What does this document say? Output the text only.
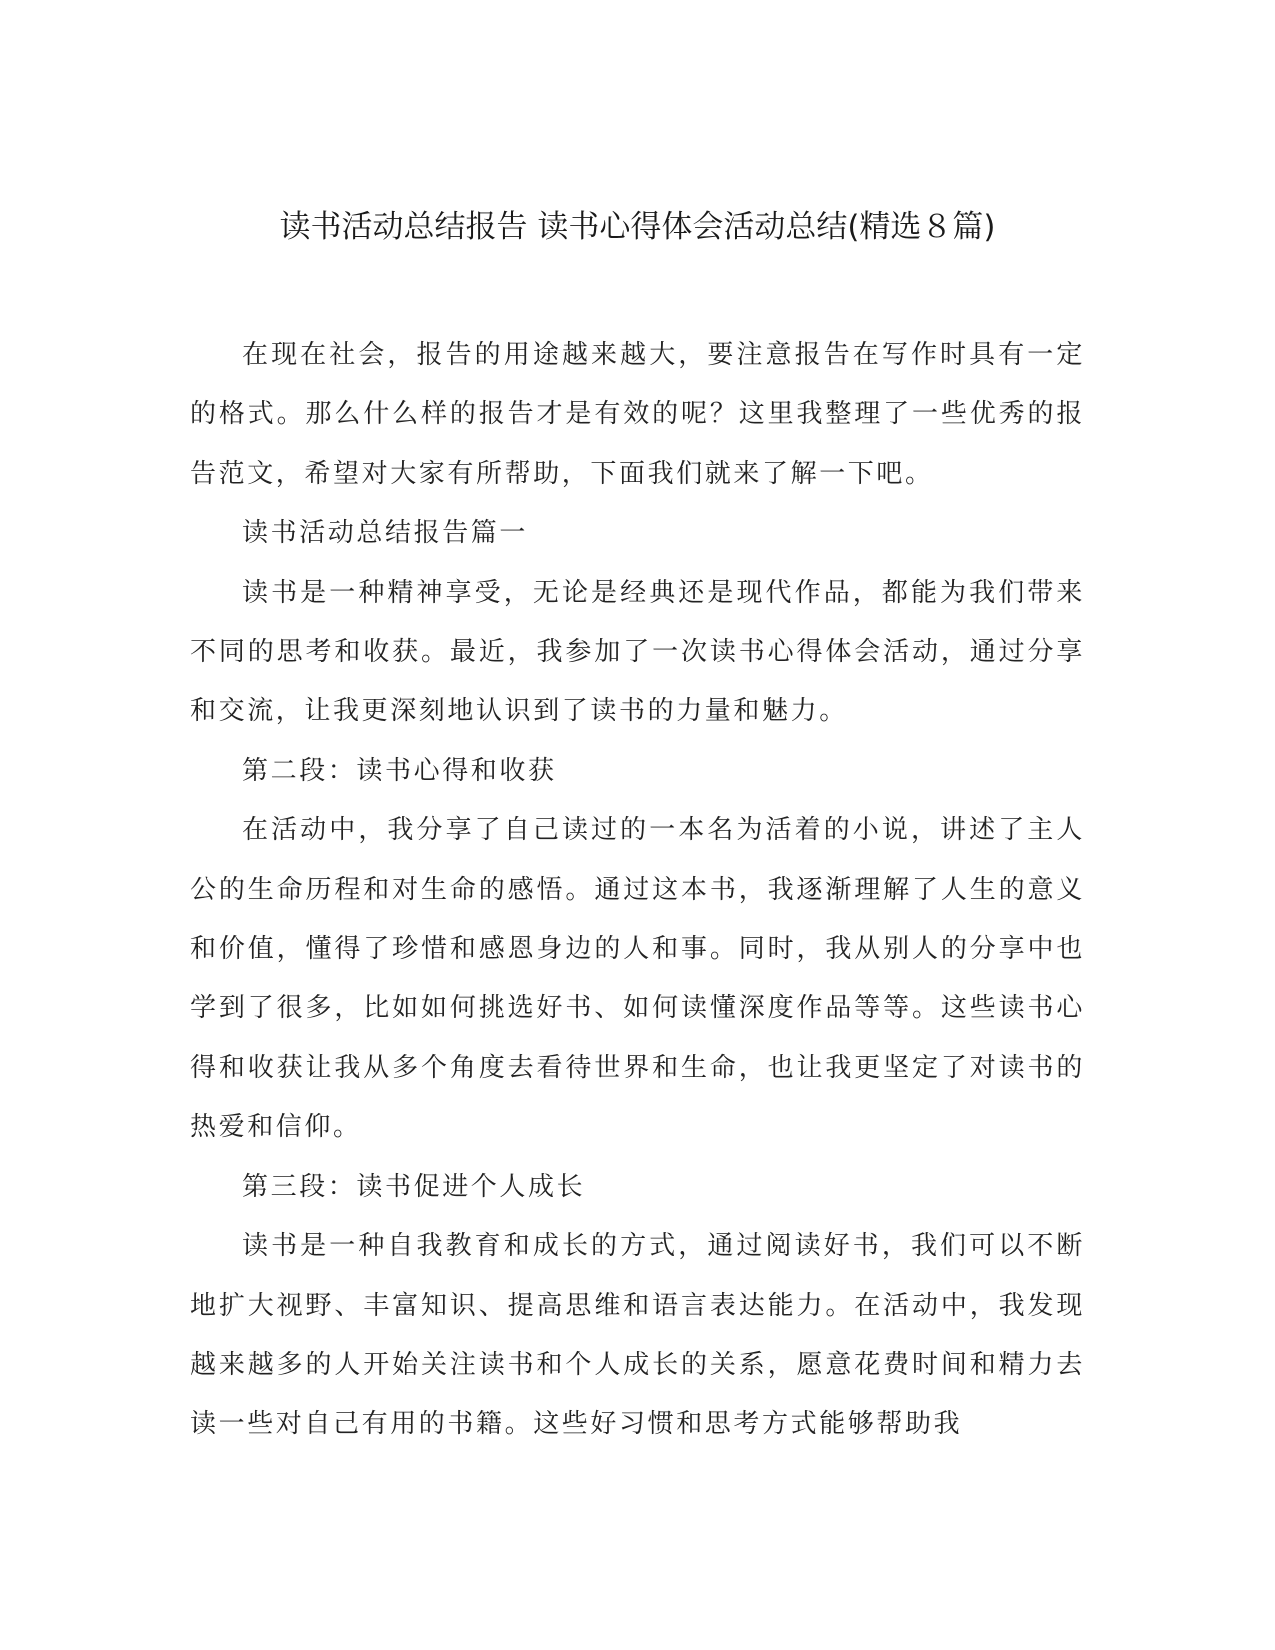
读书活动总结报告 读书心得体会活动总结(精选８篇)

在现在社会，报告的用途越来越大，要注意报告在写作时具有一定的格式。那么什么样的报告才是有效的呢？这里我整理了一些优秀的报告范文，希望对大家有所帮助，下面我们就来了解一下吧。

读书活动总结报告篇一

读书是一种精神享受，无论是经典还是现代作品，都能为我们带来不同的思考和收获。最近，我参加了一次读书心得体会活动，通过分享和交流，让我更深刻地认识到了读书的力量和魅力。

第二段：读书心得和收获

在活动中，我分享了自己读过的一本名为活着的小说，讲述了主人公的生命历程和对生命的感悟。通过这本书，我逐渐理解了人生的意义和价值，懂得了珍惜和感恩身边的人和事。同时，我从别人的分享中也学到了很多，比如如何挑选好书、如何读懂深度作品等等。这些读书心得和收获让我从多个角度去看待世界和生命，也让我更坚定了对读书的热爱和信仰。

第三段：读书促进个人成长

读书是一种自我教育和成长的方式，通过阅读好书，我们可以不断地扩大视野、丰富知识、提高思维和语言表达能力。在活动中，我发现越来越多的人开始关注读书和个人成长的关系，愿意花费时间和精力去读一些对自己有用的书籍。这些好习惯和思考方式能够帮助我
